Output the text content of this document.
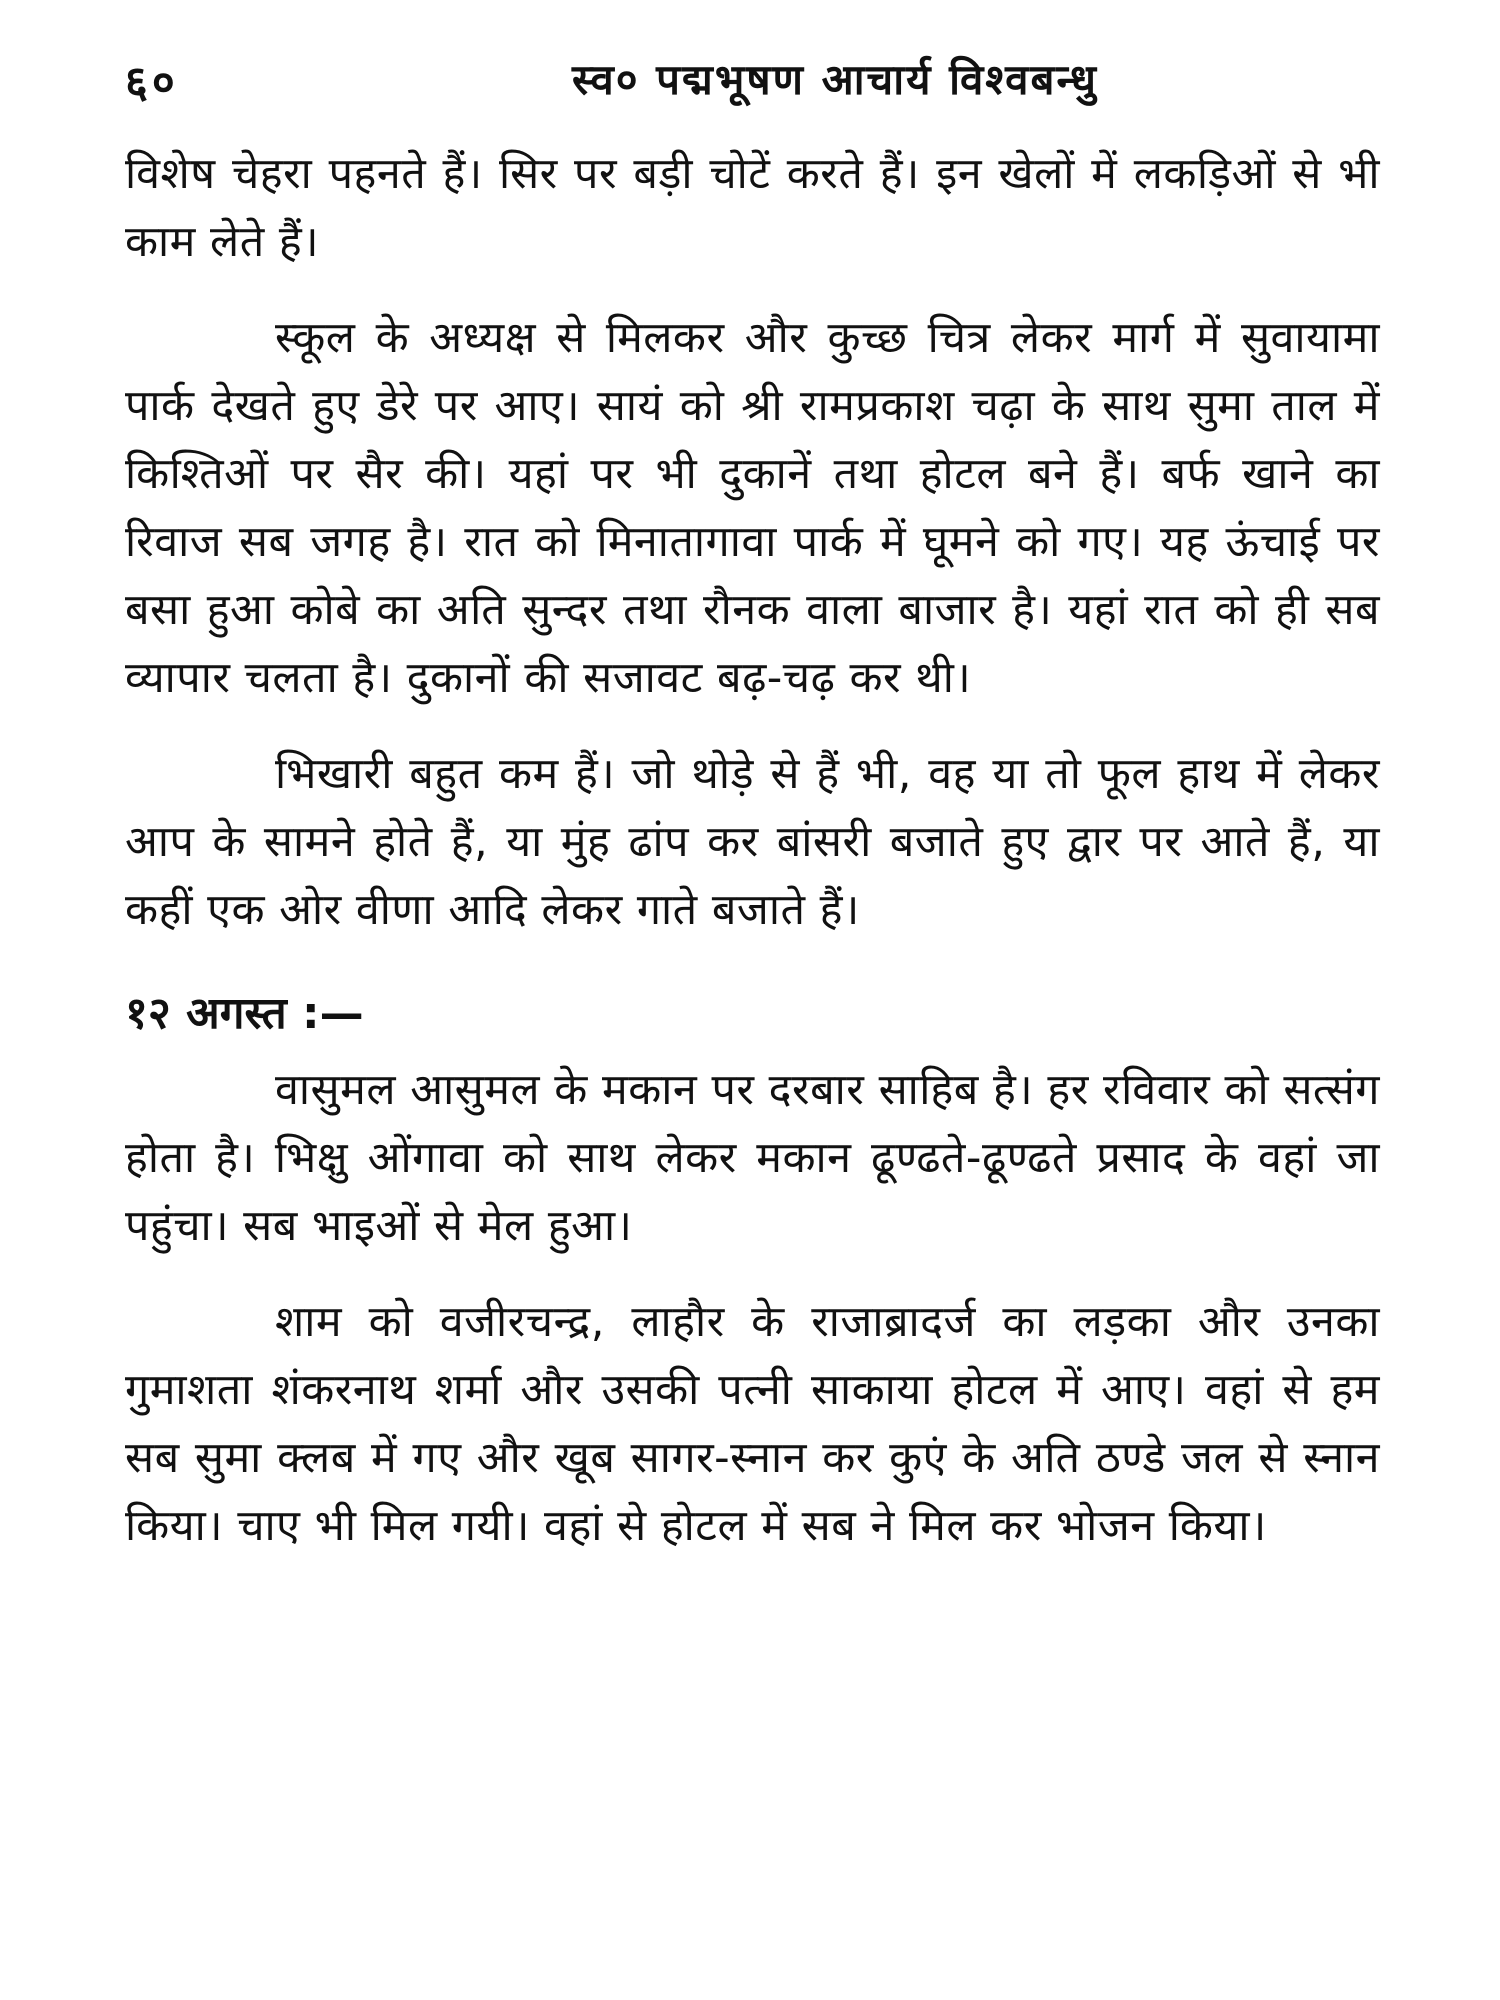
६०	स्व० पद्मभूषण आचार्य विश्वबन्धु

विशेष चेहरा पहनते हैं। सिर पर बड़ी चोटें करते हैं। इन खेलों में लकड़िओं से भी काम लेते हैं।

स्कूल के अध्यक्ष से मिलकर और कुच्छ चित्र लेकर मार्ग में सुवायामा पार्क देखते हुए डेरे पर आए। सायं को श्री रामप्रकाश चढ़ा के साथ सुमा ताल में किश्तिओं पर सैर की। यहां पर भी दुकानें तथा होटल बने हैं। बर्फ खाने का रिवाज सब जगह है। रात को मिनातागावा पार्क में घूमने को गए। यह ऊंचाई पर बसा हुआ कोबे का अति सुन्दर तथा रौनक वाला बाजार है। यहां रात को ही सब व्यापार चलता है। दुकानों की सजावट बढ़-चढ़ कर थी।

भिखारी बहुत कम हैं। जो थोड़े से हैं भी, वह या तो फूल हाथ में लेकर आप के सामने होते हैं, या मुंह ढांप कर बांसरी बजाते हुए द्वार पर आते हैं, या कहीं एक ओर वीणा आदि लेकर गाते बजाते हैं।

१२ अगस्त :—

वासुमल आसुमल के मकान पर दरबार साहिब है। हर रविवार को सत्संग होता है। भिक्षु ओंगावा को साथ लेकर मकान ढूण्ढते-ढूण्ढते प्रसाद के वहां जा पहुंचा। सब भाइओं से मेल हुआ।

शाम को वजीरचन्द्र, लाहौर के राजाब्रादर्ज का लड़का और उनका गुमाशता शंकरनाथ शर्मा और उसकी पत्नी साकाया होटल में आए। वहां से हम सब सुमा क्लब में गए और खूब सागर-स्नान कर कुएं के अति ठण्डे जल से स्नान किया। चाए भी मिल गयी। वहां से होटल में सब ने मिल कर भोजन किया।
